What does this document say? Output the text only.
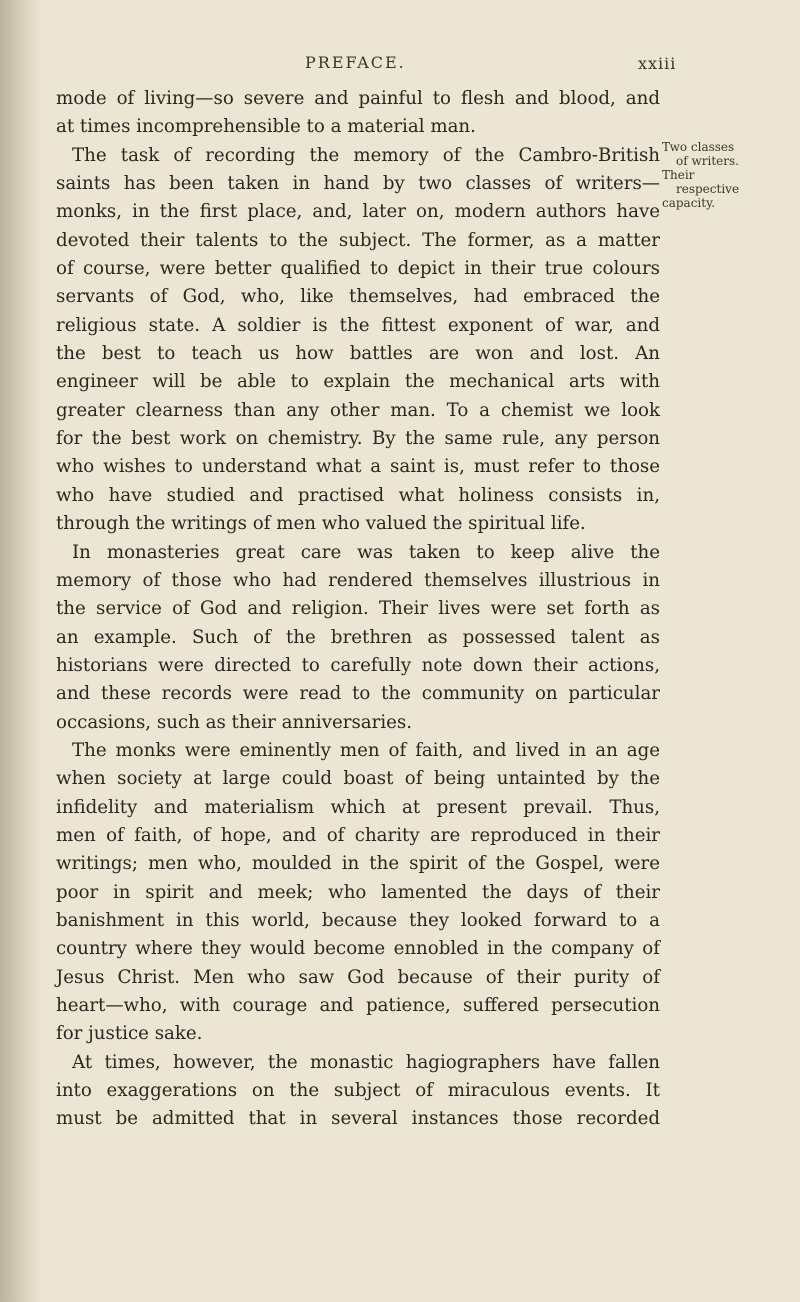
PREFACE.	xxiii
mode of living—so severe and painful to flesh and blood, and
at times incomprehensible to a material man.
The task of recording the memory of the Cambro-British
saints has been taken in hand by two classes of writers—
monks, in the first place, and, later on, modern authors have
devoted their talents to the subject. The former, as a matter
of course, were better qualified to depict in their true colours
servants of God, who, like themselves, had embraced the
religious state. A soldier is the fittest exponent of war, and
the best to teach us how battles are won and lost. An
engineer will be able to explain the mechanical arts with
greater clearness than any other man. To a chemist we look
for the best work on chemistry. By the same rule, any person
who wishes to understand what a saint is, must refer to those
who have studied and practised what holiness consists in,
through the writings of men who valued the spiritual life.
In monasteries great care was taken to keep alive the
memory of those who had rendered themselves illustrious in
the service of God and religion. Their lives were set forth as
an example. Such of the brethren as possessed talent as
historians were directed to carefully note down their actions,
and these records were read to the community on particular
occasions, such as their anniversaries.
The monks were eminently men of faith, and lived in an age
when society at large could boast of being untainted by the
infidelity and materialism which at present prevail. Thus,
men of faith, of hope, and of charity are reproduced in their
writings; men who, moulded in the spirit of the Gospel, were
poor in spirit and meek; who lamented the days of their
banishment in this world, because they looked forward to a
country where they would become ennobled in the company of
Jesus Christ. Men who saw God because of their purity of
heart—who, with courage and patience, suffered persecution
for justice sake.
At times, however, the monastic hagiographers have fallen
into exaggerations on the subject of miraculous events. It
must be admitted that in several instances those recorded
Two classes
of writers.
Their
respective
capacity.
